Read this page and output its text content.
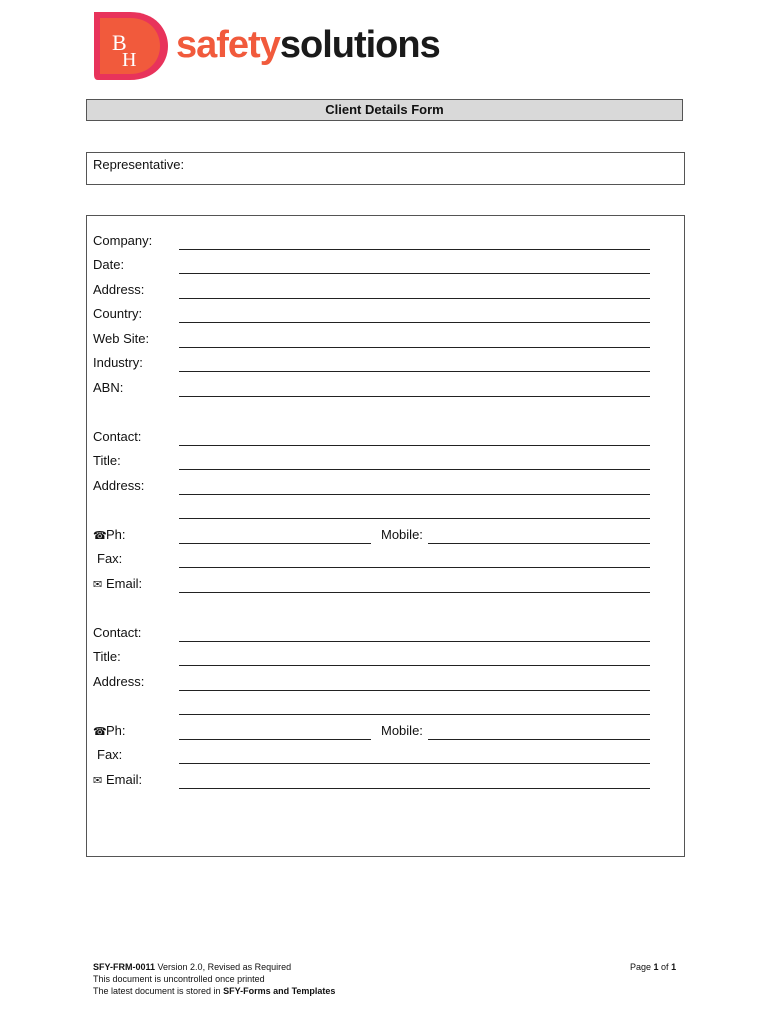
B
H safetysolutions
Client Details Form
Representative:
Company:
Date:
Address:
Country:
Web Site:
Industry:
ABN:
Contact:
Title:
Address:
☎Ph:	Mobile:
Fax:
✉ Email:
Contact:
Title:
Address:
☎Ph:	Mobile:
Fax:
✉ Email:
SFY-FRM-0011 Version 2.0, Revised as Required
This document is uncontrolled once printed
The latest document is stored in SFY-Forms and Templates
Page 1 of 1
